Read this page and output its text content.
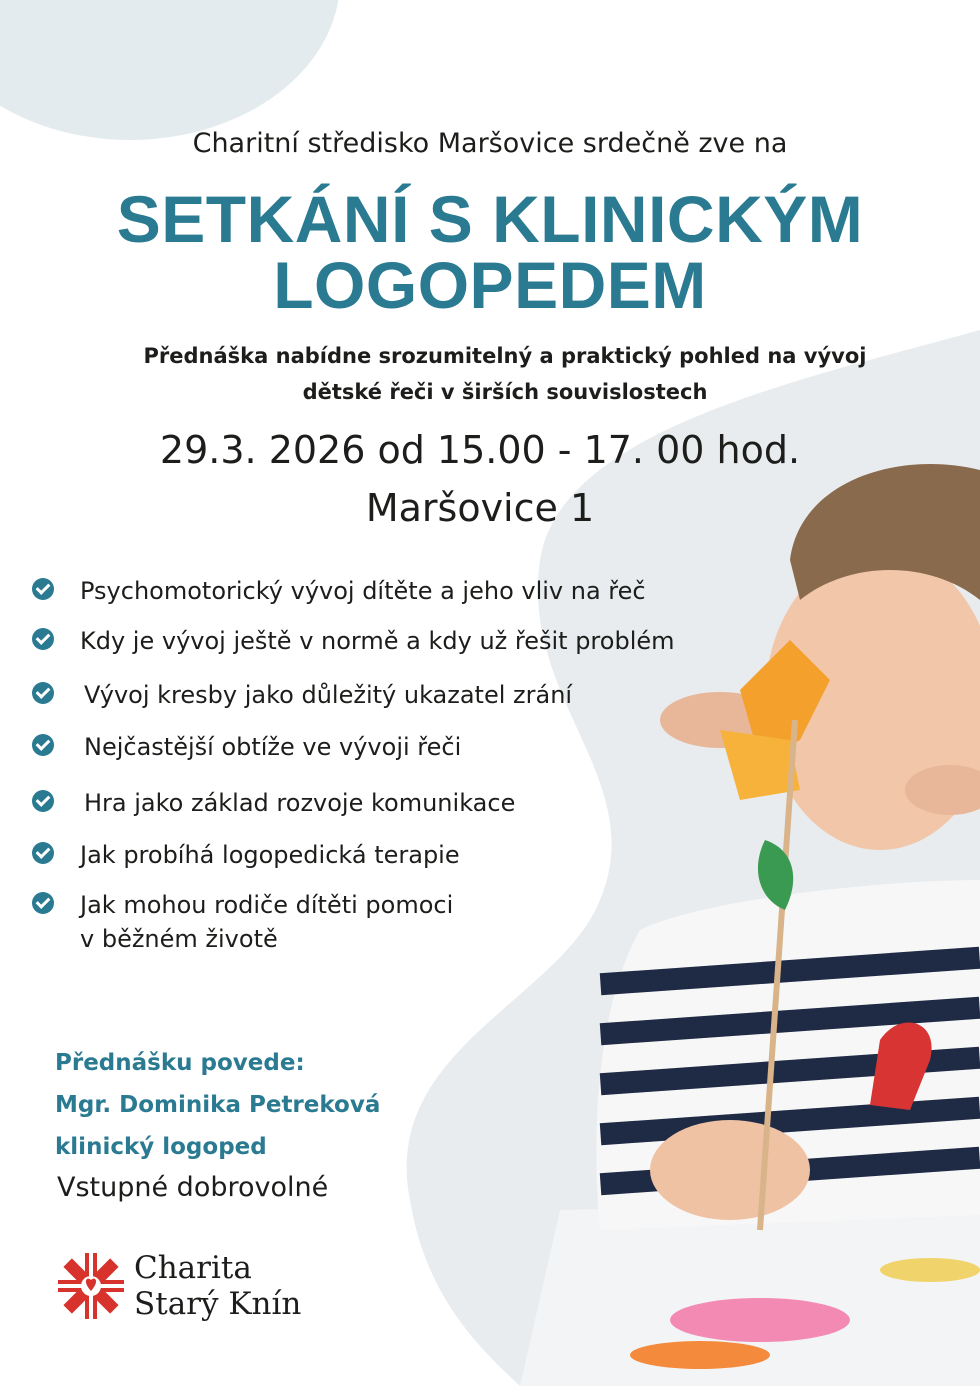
Charitní středisko Maršovice srdečně zve na
SETKÁNÍ S KLINICKÝM
LOGOPEDEM
Přednáška nabídne srozumitelný a praktický pohled na vývoj
dětské řeči v širších souvislostech
29.3. 2026 od 15.00 - 17. 00 hod.
Maršovice 1
Psychomotorický vývoj dítěte a jeho vliv na řeč
Kdy je vývoj ještě v normě a kdy už řešit problém
Vývoj kresby jako důležitý ukazatel zrání
Nejčastější obtíže ve vývoji řeči
Hra jako základ rozvoje komunikace
Jak probíhá logopedická terapie
Jak mohou rodiče dítěti pomoci
v běžném životě
Přednášku povede:
Mgr. Dominika Petreková
klinický logoped
Vstupné dobrovolné
Charita
Starý Knín
